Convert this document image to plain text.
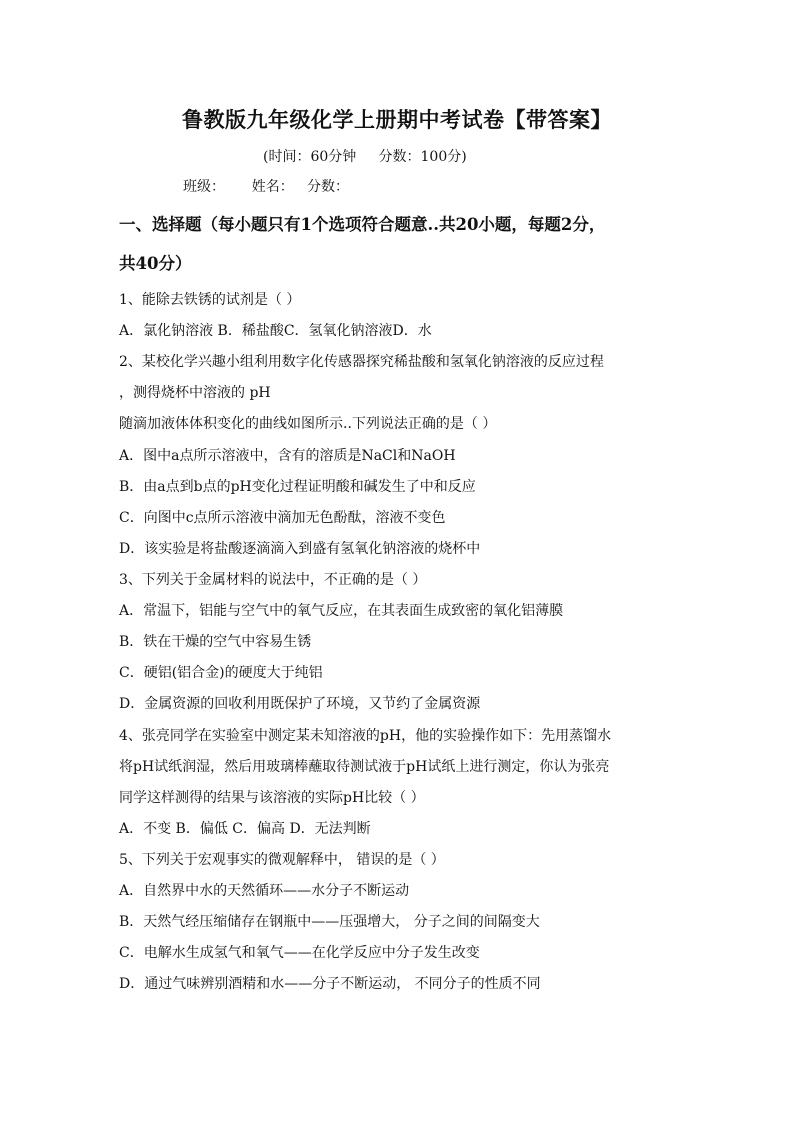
鲁教版九年级化学上册期中考试卷【带答案】
(时间：60分钟     分数：100分)
班级：      姓名：   分数：
一、选择题（每小题只有1个选项符合题意..共20小题，每题2分，
共40分）
1、能除去铁锈的试剂是（ ）
A．氯化钠溶液 B．稀盐酸C．氢氧化钠溶液D．水
2、某校化学兴趣小组利用数字化传感器探究稀盐酸和氢氧化钠溶液的反应过程
，测得烧杯中溶液的 pH
随滴加液体体积变化的曲线如图所示..下列说法正确的是（ ）
A．图中a点所示溶液中，含有的溶质是NaCl和NaOH
B．由a点到b点的pH变化过程证明酸和碱发生了中和反应
C．向图中c点所示溶液中滴加无色酚酞，溶液不变色
D．该实验是将盐酸逐滴滴入到盛有氢氧化钠溶液的烧杯中
3、下列关于金属材料的说法中，不正确的是（ ）
A．常温下，铝能与空气中的氧气反应，在其表面生成致密的氧化铝薄膜
B．铁在干燥的空气中容易生锈
C．硬铝(铝合金)的硬度大于纯铝
D．金属资源的回收利用既保护了环境，又节约了金属资源
4、张亮同学在实验室中测定某未知溶液的pH，他的实验操作如下：先用蒸馏水
将pH试纸润湿，然后用玻璃棒蘸取待测试液于pH试纸上进行测定，你认为张亮
同学这样测得的结果与该溶液的实际pH比较（ ）
A．不变 B．偏低 C．偏高 D．无法判断
5、下列关于宏观事实的微观解释中， 错误的是（ ）
A．自然界中水的天然循环——水分子不断运动
B．天然气经压缩储存在钢瓶中——压强增大， 分子之间的间隔变大
C．电解水生成氢气和氧气——在化学反应中分子发生改变
D．通过气味辨别酒精和水——分子不断运动， 不同分子的性质不同
